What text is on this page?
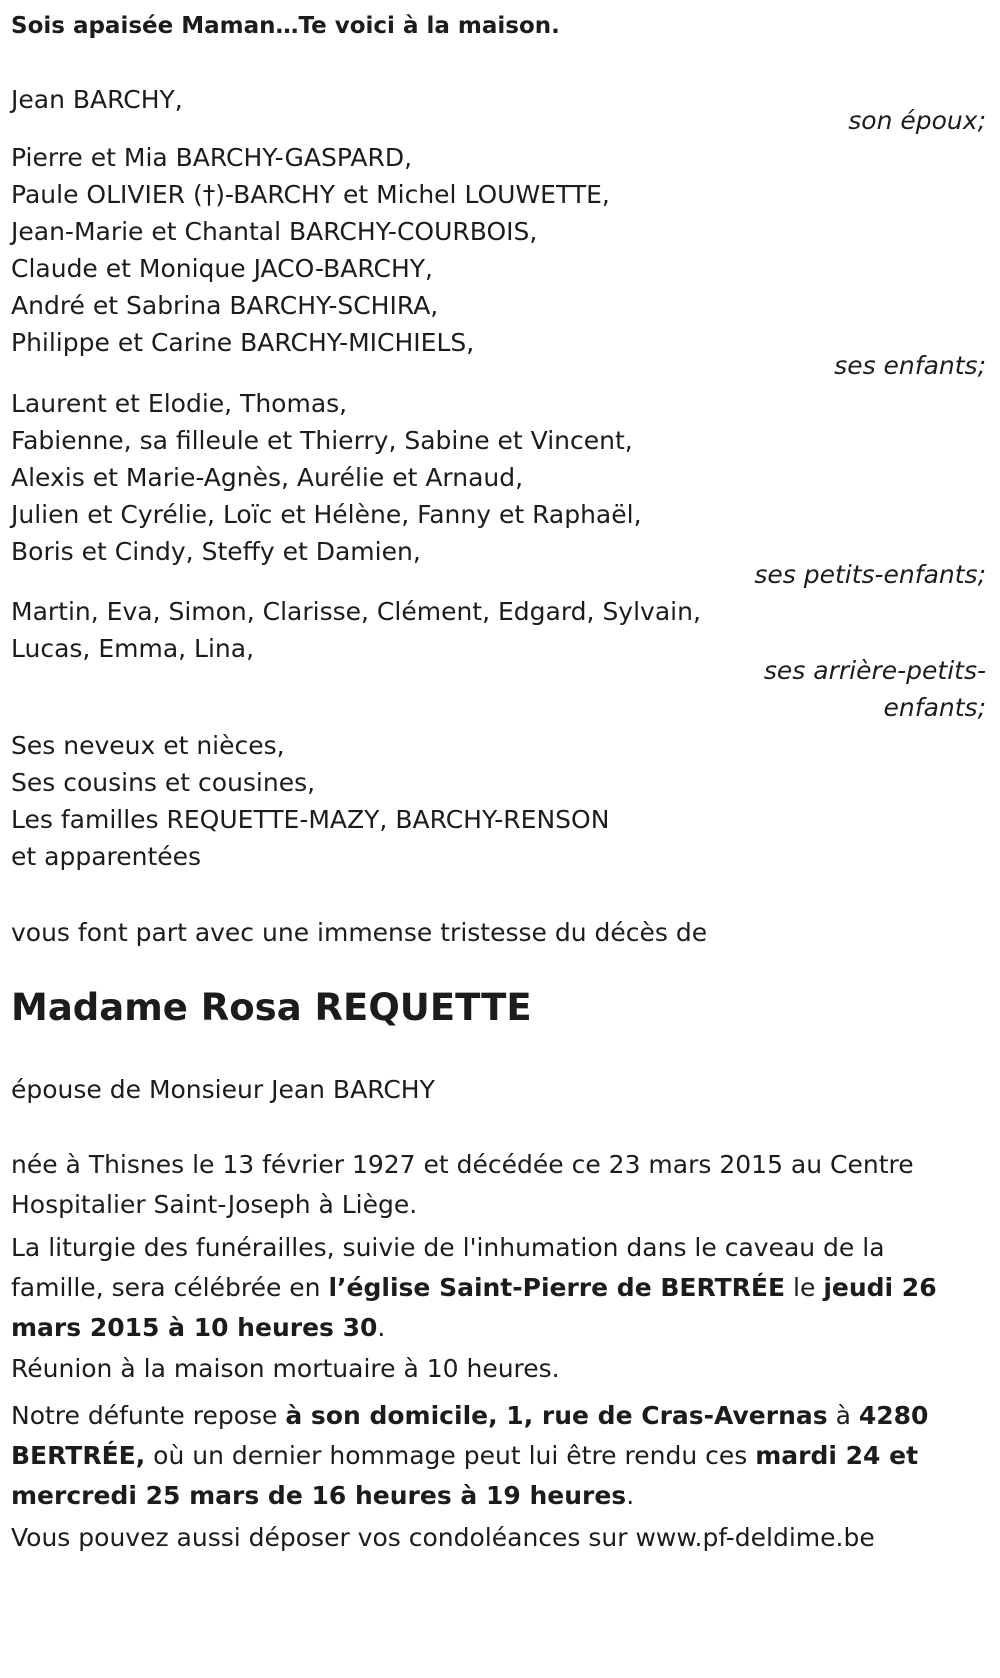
Sois apaisée Maman…Te voici à la maison.
Jean BARCHY,
son époux;
Pierre et Mia BARCHY-GASPARD,
Paule OLIVIER (†)-BARCHY et Michel LOUWETTE,
Jean-Marie et Chantal BARCHY-COURBOIS,
Claude et Monique JACO-BARCHY,
André et Sabrina BARCHY-SCHIRA,
Philippe et Carine BARCHY-MICHIELS,
ses enfants;
Laurent et Elodie, Thomas,
Fabienne, sa filleule et Thierry, Sabine et Vincent,
Alexis et Marie-Agnès, Aurélie et Arnaud,
Julien et Cyrélie, Loïc et Hélène, Fanny et Raphaël,
Boris et Cindy, Steffy et Damien,
ses petits-enfants;
Martin, Eva, Simon, Clarisse, Clément, Edgard, Sylvain,
Lucas, Emma, Lina,
ses arrière-petits-
enfants;
Ses neveux et nièces,
Ses cousins et cousines,
Les familles REQUETTE-MAZY, BARCHY-RENSON
et apparentées
vous font part avec une immense tristesse du décès de
Madame Rosa REQUETTE
épouse de Monsieur Jean BARCHY
née à Thisnes le 13 février 1927 et décédée ce 23 mars 2015 au Centre Hospitalier Saint-Joseph à Liège.
La liturgie des funérailles, suivie de l'inhumation dans le caveau de la famille, sera célébrée en l’église Saint-Pierre de BERTRÉE le jeudi 26 mars 2015 à 10 heures 30.
Réunion à la maison mortuaire à 10 heures.
Notre défunte repose à son domicile, 1, rue de Cras-Avernas à 4280 BERTRÉE, où un dernier hommage peut lui être rendu ces mardi 24 et mercredi 25 mars de 16 heures à 19 heures.
Vous pouvez aussi déposer vos condoléances sur www.pf-deldime.be
